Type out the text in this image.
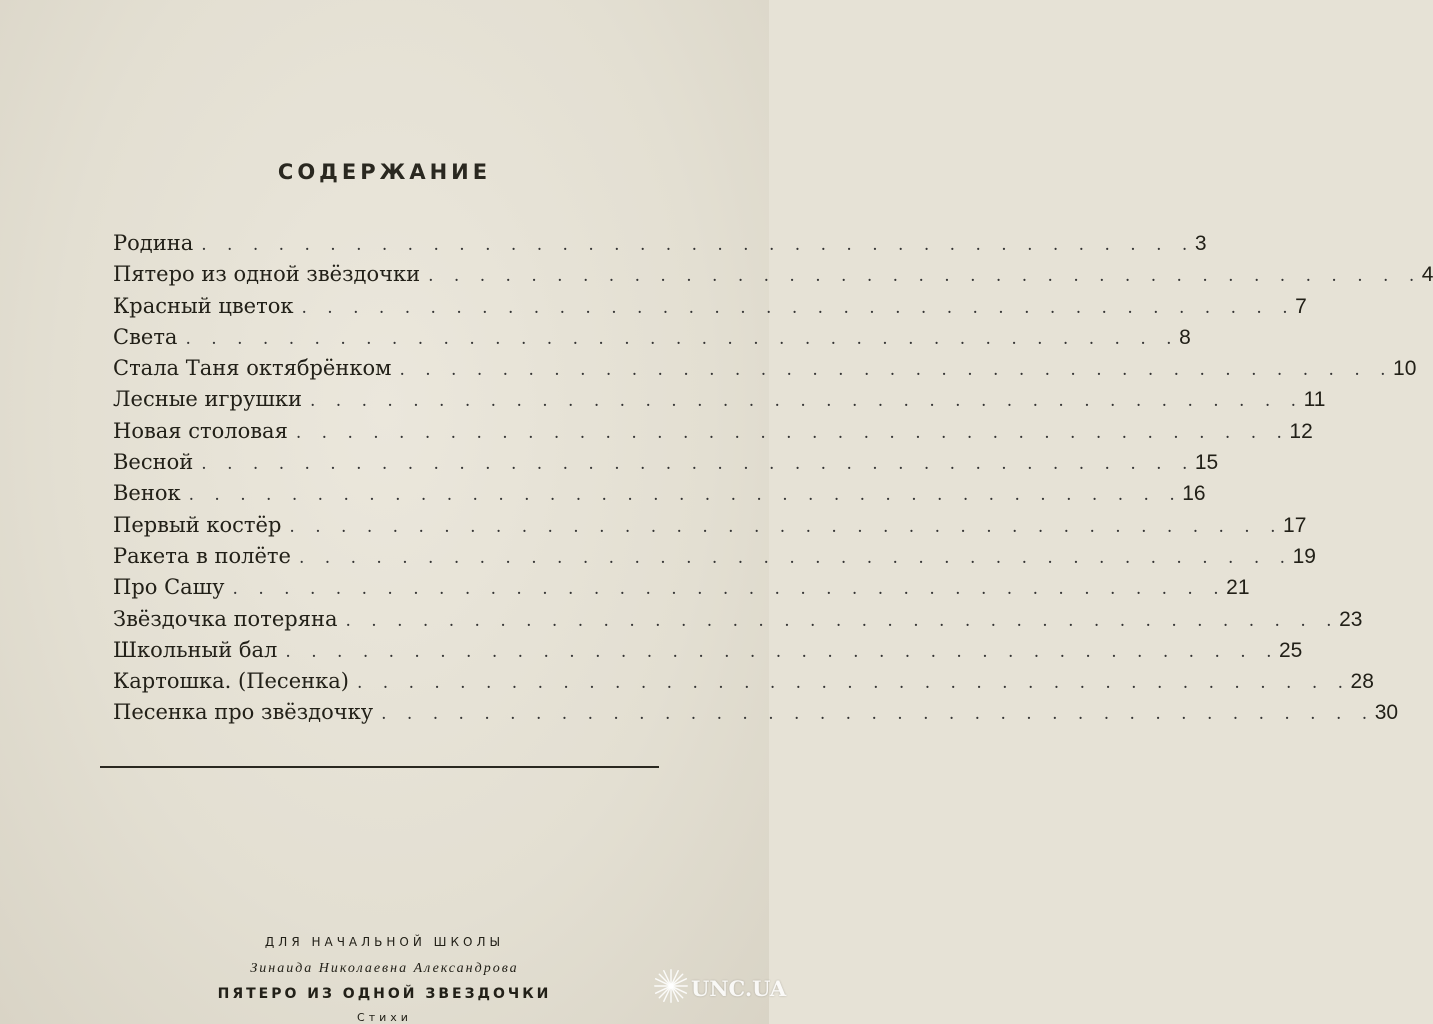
СОДЕРЖАНИЕ
Родина . . . . . . . . . . . . . . . . . . . . . . . . . . . . . . . . . . . . . . . 3
Пятеро из одной звёздочки . . . . . . . . . . . . . . . . . . . . . . . . . . . . . . . . . . . . . . . 4
Красный цветок . . . . . . . . . . . . . . . . . . . . . . . . . . . . . . . . . . . . . . . 7
Света . . . . . . . . . . . . . . . . . . . . . . . . . . . . . . . . . . . . . . . 8
Стала Таня октябрёнком . . . . . . . . . . . . . . . . . . . . . . . . . . . . . . . . . . . . . . . 10
Лесные игрушки . . . . . . . . . . . . . . . . . . . . . . . . . . . . . . . . . . . . . . . 11
Новая столовая . . . . . . . . . . . . . . . . . . . . . . . . . . . . . . . . . . . . . . . 12
Весной . . . . . . . . . . . . . . . . . . . . . . . . . . . . . . . . . . . . . . . 15
Венок . . . . . . . . . . . . . . . . . . . . . . . . . . . . . . . . . . . . . . . 16
Первый костёр . . . . . . . . . . . . . . . . . . . . . . . . . . . . . . . . . . . . . . . 17
Ракета в полёте . . . . . . . . . . . . . . . . . . . . . . . . . . . . . . . . . . . . . . . 19
Про Сашу . . . . . . . . . . . . . . . . . . . . . . . . . . . . . . . . . . . . . . . 21
Звёздочка потеряна . . . . . . . . . . . . . . . . . . . . . . . . . . . . . . . . . . . . . . . 23
Школьный бал . . . . . . . . . . . . . . . . . . . . . . . . . . . . . . . . . . . . . . . 25
Картошка. (Песенка) . . . . . . . . . . . . . . . . . . . . . . . . . . . . . . . . . . . . . . . 28
Песенка про звёздочку . . . . . . . . . . . . . . . . . . . . . . . . . . . . . . . . . . . . . . . 30
ДЛЯ НАЧАЛЬНОЙ ШКОЛЫ
Зинаида Николаевна Александрова
ПЯТЕРО ИЗ ОДНОЙ ЗВЕЗДОЧКИ
Стихи
UNC.UA
